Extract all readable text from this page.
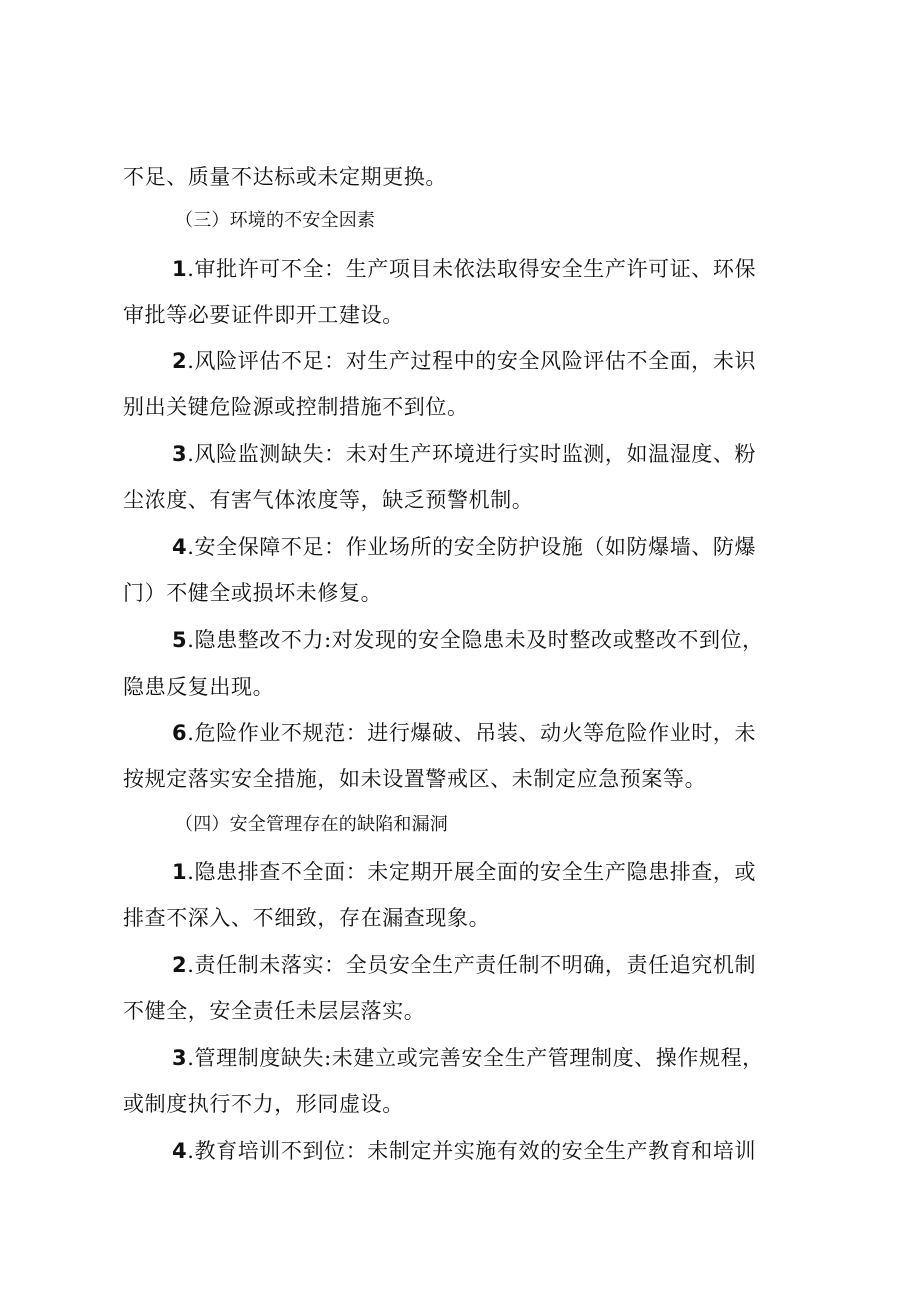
不足、质量不达标或未定期更换。
（三）环境的不安全因素
1.审批许可不全：生产项目未依法取得安全生产许可证、环保
审批等必要证件即开工建设。
2.风险评估不足：对生产过程中的安全风险评估不全面，未识
别出关键危险源或控制措施不到位。
3.风险监测缺失：未对生产环境进行实时监测，如温湿度、粉
尘浓度、有害气体浓度等，缺乏预警机制。
4.安全保障不足：作业场所的安全防护设施（如防爆墙、防爆
门）不健全或损坏未修复。
5.隐患整改不力:对发现的安全隐患未及时整改或整改不到位，
隐患反复出现。
6.危险作业不规范：进行爆破、吊装、动火等危险作业时，未
按规定落实安全措施，如未设置警戒区、未制定应急预案等。
（四）安全管理存在的缺陷和漏洞
1.隐患排查不全面：未定期开展全面的安全生产隐患排查，或
排查不深入、不细致，存在漏查现象。
2.责任制未落实：全员安全生产责任制不明确，责任追究机制
不健全，安全责任未层层落实。
3.管理制度缺失:未建立或完善安全生产管理制度、操作规程，
或制度执行不力，形同虚设。
4.教育培训不到位：未制定并实施有效的安全生产教育和培训
